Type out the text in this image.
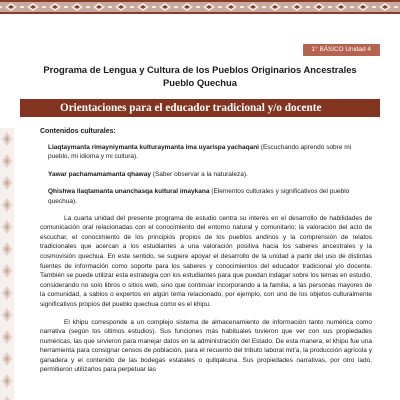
1° BÁSICO Unidad 4
Programa de Lengua y Cultura de los Pueblos Originarios Ancestrales
Pueblo Quechua
Orientaciones para el educador tradicional y/o docente

Contenidos culturales:

Llaqtaymanta rimayniymanta kulturaymanta ima uyarispa yachaqani (Escuchando aprendo sobre mi pueblo, mi idioma y mi cultura).

Yawar pachamamamanta qhaway (Saber observar a la naturaleza).

Qhishwa llaqtamanta unanchasqa kultural imaykana (Elementos culturales y significativos del pueblo quechua).

La cuarta unidad del presente programa de estudio centra su interés en el desarrollo de habilidades de comunicación oral relacionadas con el conocimiento del entorno natural y comunitario; la valoración del acto de escuchar, el conocimiento de los principios propios de los pueblos andinos y la comprensión de relatos tradicionales que acercan a los estudiantes a una valoración positiva hacia los saberes ancestrales y la cosmovisión quechua. En este sentido, se sugiere apoyar el desarrollo de la unidad a partir del uso de distintas fuentes de información como soporte para los saberes y conocimientos del educador tradicional y/o docente. También se puede utilizar esta estrategia con los estudiantes para que puedan indagar sobre los temas en estudio, considerando no solo libros o sitios web, sino que continuar incorporando a la familia, a las personas mayores de la comunidad, a sabios o expertos en algún tema relacionado, por ejemplo, con uno de los objetos culturalmente significativos propios del pueblo quechua como es el khipu.

El khipu corresponde a un complejo sistema de almacenamiento de información tanto numérica como narrativa (según los últimos estudios). Sus funciones más habituales tuvieron que ver con sus propiedades numéricas, las que sirvieron para manejar datos en la administración del Estado. De esta manera, el khipu fue una herramienta para consignar censos de población, para el recuento del tributo laboral mit’a, la producción agrícola y ganadera y el contenido de las bodegas estatales o qullqakuna. Sus propiedades narrativas, por otro lado, permitieron utilizarlos para perpetuar las
